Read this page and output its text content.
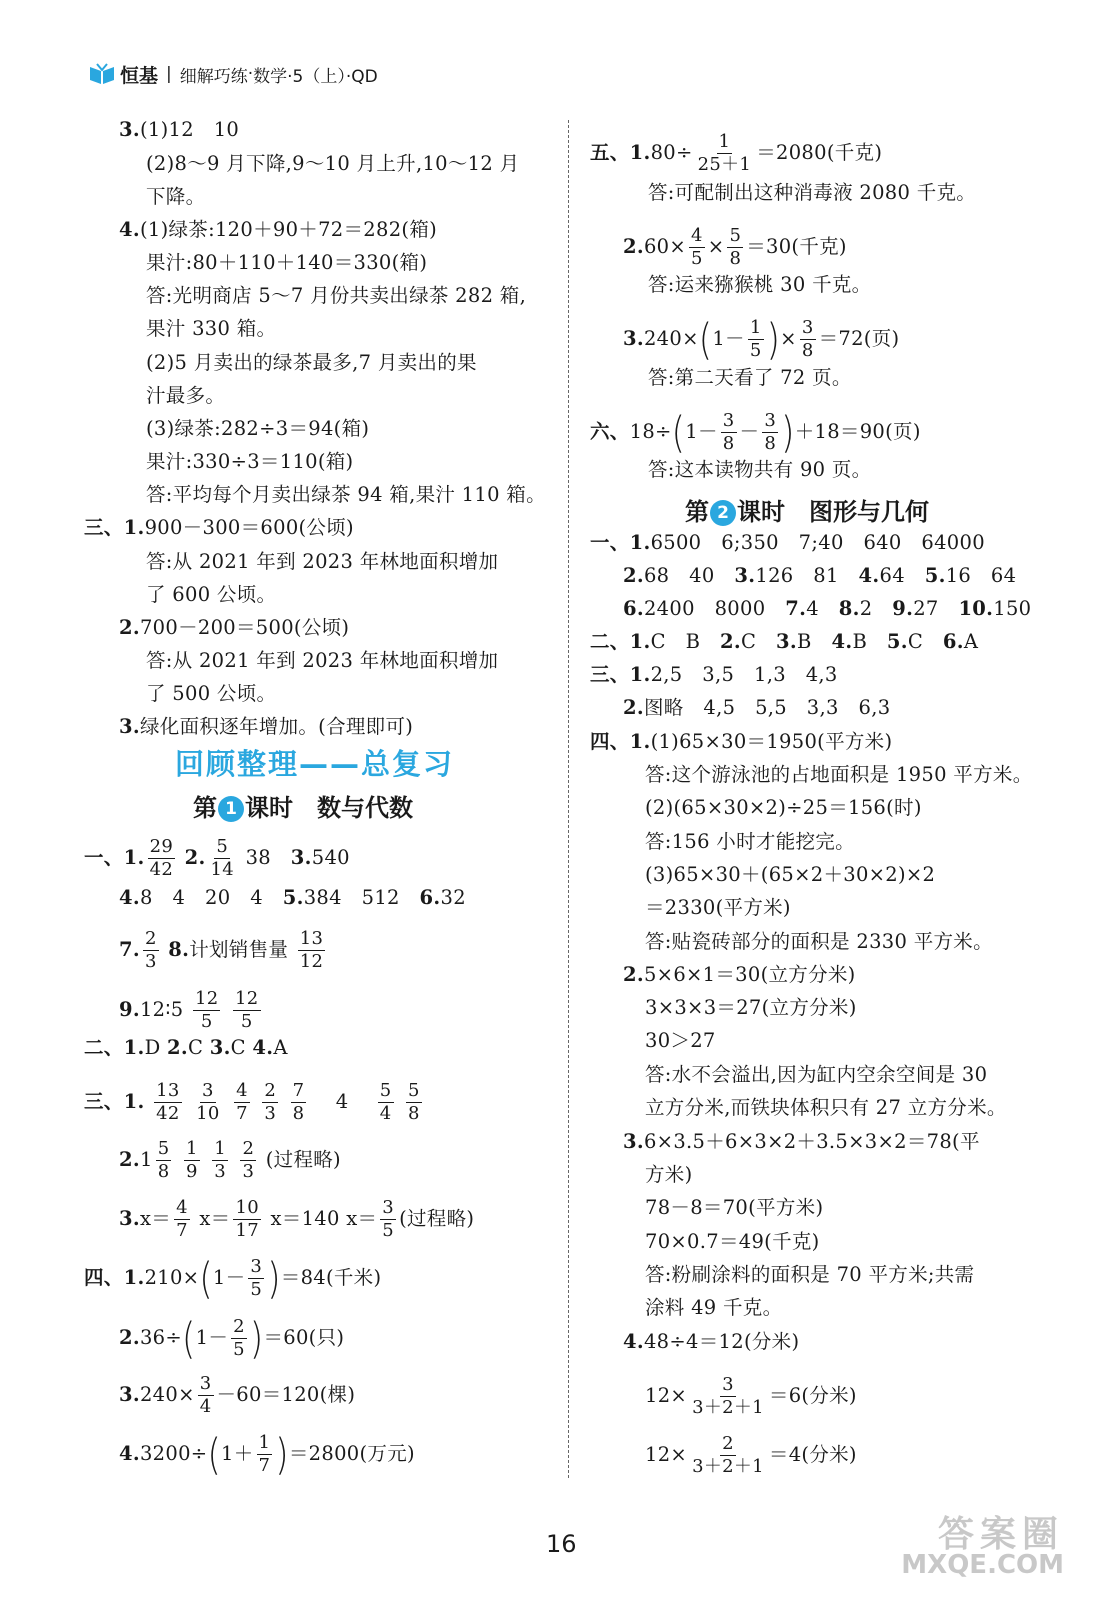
恒基 | 细解巧练 · 数学·5（上）·QD
3.(1)12　10
(2)8～9 月下降,9～10 月上升,10～12 月
下降。
4.(1)绿茶:120＋90＋72＝282(箱)
果汁:80＋110＋140＝330(箱)
答:光明商店 5～7 月份共卖出绿茶 282 箱,
果汁 330 箱。
(2)5 月卖出的绿茶最多,7 月卖出的果
汁最多。
(3)绿茶:282÷3＝94(箱)
果汁:330÷3＝110(箱)
答:平均每个月卖出绿茶 94 箱,果汁 110 箱。
三、1.900－300＝600(公顷)
答:从 2021 年到 2023 年林地面积增加
了 600 公顷。
2.700－200＝500(公顷)
答:从 2021 年到 2023 年林地面积增加
了 500 公顷。
3.绿化面积逐年增加。(合理即可)
回顾整理——总复习
第 1 课时　 数与代数
一、1. $\frac{29}{42} 2$. $\frac{5}{14} 38$　 3.540
4.8　4　20　4　 5.384　512　 6.32
7. $\frac{2}{3} 8$.计划销售量 $\frac{13}{12}$
9.12∶5 $\frac{12}{5}$
$\frac{12}{5}$
二、1.D 2.C 3.C 4.A
三、1. $\frac{13}{42}$
$\frac{3}{10}$
$\frac{4}{7}$
$\frac{2}{3}$
$\frac{7}{8}$
　 4　 $\frac{5}{4}$
$\frac{5}{8}$
$2.1 \frac{5}{8}$
$\frac{1}{9}$
$\frac{1}{3}$
$\frac{2}{3}$ (过程略)
$3.x= \frac{4}{7} x= \frac{10}{17} x=140$ $x= \frac{3}{5}$ (过程略)
四、$1.210\times(1- \frac{3}{5} )=84$(千米)
$2.36\div(1- \frac{2}{5} )=60$(只)
$3.240\times \frac{3}{4} -60=120$(棵)
$4.3200\div(1+ \frac{1}{7} )=2800$(万元)
五、$1.80\div \frac{1}{25+1} =2080$(千克)
答:可配制出这种消毒液 2080 千克。
$2.60\times \frac{4}{5} \times \frac{5}{8} =30$(千克)
答:运来猕猴桃 30 千克。
$3.240\times(1- \frac{1}{5}$ )× $\frac{3}{8} =72$(页)
答:第二天看了 72 页。
六、$18\div(1- \frac{3}{8} - \frac{3}{8} )+18=90$(页)
答:这本读物共有 90 页。
第 2 课时　 图形与几何
一、1.6500　6;350　7;40　640　64000
2.68　40　 3.126　81　 4.64　 5.16　64
6.2400　8000　 7.4　 8.2　 9.27　 10.150
二、1.C　B　 2.C　 3.B　 4.B　 5.C　 6.A
三、1.2,5　3,5　1,3　4,3
2.图略　4,5　5,5　3,3　6,3
四、1.(1)65×30＝1950(平方米)
答:这个游泳池的占地面积是 1950 平方米。
(2)(65×30×2)÷25＝156(时)
答:156 小时才能挖完。
(3)65×30＋(65×2＋30×2)×2
＝2330(平方米)
答:贴瓷砖部分的面积是 2330 平方米。
2.5×6×1＝30(立方分米)
3×3×3＝27(立方分米)
30＞27
答:水不会溢出,因为缸内空余空间是 30
立方分米,而铁块体积只有 27 立方分米。
3.6×3.5＋6×3×2＋3.5×3×2＝78(平
方米)
78－8＝70(平方米)
70×0.7＝49(千克)
答:粉刷涂料的面积是 70 平方米;共需
涂料 49 千克。
4.48÷4＝12(分米)
$12\times \frac{3}{3+2+1} =6$(分米)
$12\times \frac{2}{3+2+1} =4$(分米)
16	答案圈
MXQE.COM
